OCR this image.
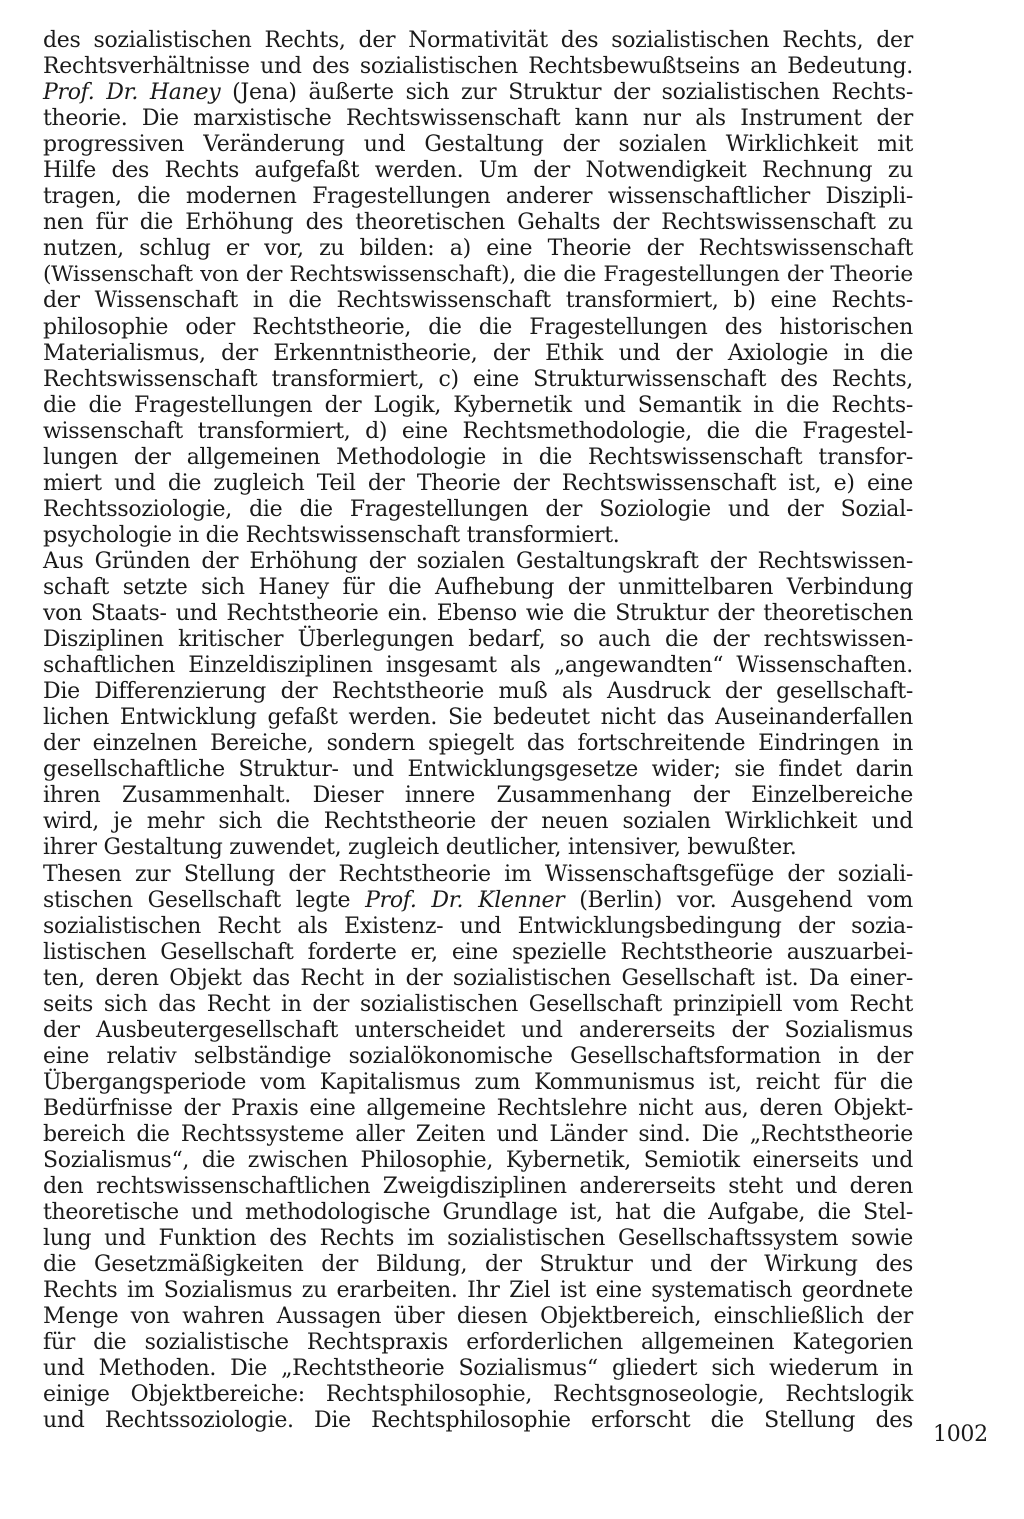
des sozialistischen Rechts, der Normativität des sozialistischen Rechts, der
Rechtsverhältnisse und des sozialistischen Rechtsbewußtseins an Bedeutung.
Prof. Dr. Haney (Jena) äußerte sich zur Struktur der sozialistischen Rechts-
theorie. Die marxistische Rechtswissenschaft kann nur als Instrument der
progressiven Veränderung und Gestaltung der sozialen Wirklichkeit mit
Hilfe des Rechts aufgefaßt werden. Um der Notwendigkeit Rechnung zu
tragen, die modernen Fragestellungen anderer wissenschaftlicher Diszipli-
nen für die Erhöhung des theoretischen Gehalts der Rechtswissenschaft zu
nutzen, schlug er vor, zu bilden: a) eine Theorie der Rechtswissenschaft
(Wissenschaft von der Rechtswissenschaft), die die Fragestellungen der Theorie
der Wissenschaft in die Rechtswissenschaft transformiert, b) eine Rechts-
philosophie oder Rechtstheorie, die die Fragestellungen des historischen
Materialismus, der Erkenntnistheorie, der Ethik und der Axiologie in die
Rechtswissenschaft transformiert, c) eine Strukturwissenschaft des Rechts,
die die Fragestellungen der Logik, Kybernetik und Semantik in die Rechts-
wissenschaft transformiert, d) eine Rechtsmethodologie, die die Fragestel-
lungen der allgemeinen Methodologie in die Rechtswissenschaft transfor-
miert und die zugleich Teil der Theorie der Rechtswissenschaft ist, e) eine
Rechtssoziologie, die die Fragestellungen der Soziologie und der Sozial-
psychologie in die Rechtswissenschaft transformiert.
Aus Gründen der Erhöhung der sozialen Gestaltungskraft der Rechtswissen-
schaft setzte sich Haney für die Aufhebung der unmittelbaren Verbindung
von Staats- und Rechtstheorie ein. Ebenso wie die Struktur der theoretischen
Disziplinen kritischer Überlegungen bedarf, so auch die der rechtswissen-
schaftlichen Einzeldisziplinen insgesamt als „angewandten“ Wissenschaften.
Die Differenzierung der Rechtstheorie muß als Ausdruck der gesellschaft-
lichen Entwicklung gefaßt werden. Sie bedeutet nicht das Auseinanderfallen
der einzelnen Bereiche, sondern spiegelt das fortschreitende Eindringen in
gesellschaftliche Struktur- und Entwicklungsgesetze wider; sie findet darin
ihren Zusammenhalt. Dieser innere Zusammenhang der Einzelbereiche
wird, je mehr sich die Rechtstheorie der neuen sozialen Wirklichkeit und
ihrer Gestaltung zuwendet, zugleich deutlicher, intensiver, bewußter.
Thesen zur Stellung der Rechtstheorie im Wissenschaftsgefüge der soziali-
stischen Gesellschaft legte Prof. Dr. Klenner (Berlin) vor. Ausgehend vom
sozialistischen Recht als Existenz- und Entwicklungsbedingung der sozia-
listischen Gesellschaft forderte er, eine spezielle Rechtstheorie auszuarbei-
ten, deren Objekt das Recht in der sozialistischen Gesellschaft ist. Da einer-
seits sich das Recht in der sozialistischen Gesellschaft prinzipiell vom Recht
der Ausbeutergesellschaft unterscheidet und andererseits der Sozialismus
eine relativ selbständige sozialökonomische Gesellschaftsformation in der
Übergangsperiode vom Kapitalismus zum Kommunismus ist, reicht für die
Bedürfnisse der Praxis eine allgemeine Rechtslehre nicht aus, deren Objekt-
bereich die Rechtssysteme aller Zeiten und Länder sind. Die „Rechtstheorie
Sozialismus“, die zwischen Philosophie, Kybernetik, Semiotik einerseits und
den rechtswissenschaftlichen Zweigdisziplinen andererseits steht und deren
theoretische und methodologische Grundlage ist, hat die Aufgabe, die Stel-
lung und Funktion des Rechts im sozialistischen Gesellschaftssystem sowie
die Gesetzmäßigkeiten der Bildung, der Struktur und der Wirkung des
Rechts im Sozialismus zu erarbeiten. Ihr Ziel ist eine systematisch geordnete
Menge von wahren Aussagen über diesen Objektbereich, einschließlich der
für die sozialistische Rechtspraxis erforderlichen allgemeinen Kategorien
und Methoden. Die „Rechtstheorie Sozialismus“ gliedert sich wiederum in
einige Objektbereiche: Rechtsphilosophie, Rechtsgnoseologie, Rechtslogik
und Rechtssoziologie. Die Rechtsphilosophie erforscht die Stellung des
1002
